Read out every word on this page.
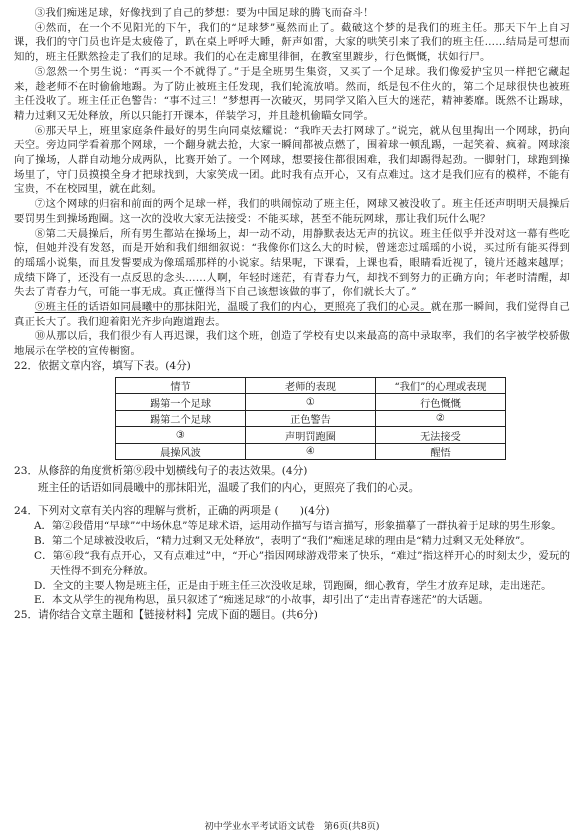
③我们痴迷足球，好像找到了自己的梦想：要为中国足球的腾飞而奋斗！

④然而，在一个不见阳光的下午，我们的“足球梦”戛然而止了。截破这个梦的是我们的班主任。那天下午上自习课，我们的守门员也许是太疲倦了，趴在桌上呼呼大睡，鼾声如雷，大家的哄笑引来了我们的班主任……结局是可想而知的，班主任默然捡走了我们的足球。我们的心在走廊里徘徊，在教室里踱步，行色慨慨，状如行尸。

⑤忽然一个男生说：“再买一个不就得了。”于是全班男生集资，又买了一个足球。我们像爱护宝贝一样把它藏起来，趁老师不在时偷偷地踢。为了防止被班主任发现，我们轮流放哨。然而，纸是包不住火的，第二个足球很快也被班主任没收了。班主任正色警告：“事不过三！”梦想再一次破灭，男同学又陷入巨大的迷茫，精神萎靡。既然不让踢球，精力过剩又无处释放，所以只能打开课本，佯装学习，并且趁机偷瞄女同学。

⑥那天早上，班里家庭条件最好的男生向同桌炫耀说：“我昨天去打网球了。”说完，就从包里掏出一个网球，扔向天空。旁边同学看着那个网球，一个翻身就去抢，大家一瞬间都被点燃了，围着球一顿乱踢，一起笑着、疯着。网球滚向了操场，人群自动地分成两队，比赛开始了。一个网球，想要接住都很困难，我们却踢得起劲。一脚射门，球跑到操场里了，守门员摸摸全身才把球找到，大家笑成一团。此时我有点开心，又有点难过。这才是我们应有的模样，不能有宝贵，不在校园里，就在此刻。

⑦这个网球的归宿和前面的两个足球一样，我们的哄闹惊动了班主任，网球又被没收了。班主任还声明明天晨操后要罚男生到操场跑圈。这一次的没收大家无法接受：不能买球，甚至不能玩网球，那让我们玩什么呢？

⑧第二天晨操后，所有男生都站在操场上，却一动不动，用静默表达无声的抗议。班主任似乎并没对这一幕有些吃惊，但她并没有发怒，而是开始和我们细细叙说：“我像你们这么大的时候，曾迷恋过瑶瑶的小说，买过所有能买得到的瑶瑶小说集，而且发誓要成为像瑶瑶那样的小说家。结果呢，下课看，上课也看，眼睛看近视了，镜片还越来越厚；成绩下降了，还没有一点反思的念头……人啊，年轻时迷茫，有青春力气，却找不到努力的正确方向；年老时清醒，却失去了青春力气，可能一事无成。真正懂得当下自己该想该做的事了，你们就长大了。”

⑨班主任的话语如同晨曦中的那抹阳光，温暖了我们的内心，更照亮了我们的心灵。就在那一瞬间，我们觉得自己真正长大了。我们迎着阳光齐步向跑道跑去。

⑩从那以后，我们很少有人再迟课，我们这个班，创造了学校有史以来最高的高中录取率，我们的名字被学校骄傲地展示在学校的宣传橱窗。

22．依据文章内容，填写下表。(4分)
情节	老师的表现	“我们”的心理或表现
踢第一个足球	①	行色慨慨
踢第二个足球	正色警告	②
③	声明罚跑圈	无法接受
晨操风波	④	醒悟
23．从修辞的角度赏析第⑨段中划横线句子的表达效果。(4分)
班主任的话语如同晨曦中的那抹阳光，温暖了我们的内心，更照亮了我们的心灵。
24．下列对文章有关内容的理解与赏析，正确的两项是 (　　)(4分)
A．第②段借用“早球”“中场休息”等足球术语，运用动作描写与语言描写，形象描摹了一群执着于足球的男生形象。
B．第二个足球被没收后，“精力过剩又无处释放”，表明了“我们”痴迷足球的理由是“精力过剩又无处释放”。
C．第⑥段“我有点开心，又有点难过”中，“开心”指因网球游戏带来了快乐，“难过”指这样开心的时刻太少，爱玩的天性得不到充分释放。
D．全文的主要人物是班主任，正是由于班主任三次没收足球，罚跑圈，细心教育，学生才放弃足球，走出迷茫。
E．本文从学生的视角构思，虽只叙述了“痴迷足球”的小故事，却引出了“走出青春迷茫”的大话题。
25．请你结合文章主题和【链接材料】完成下面的题目。(共6分)
初中学业水平考试语文试卷　第6页(共8页)
